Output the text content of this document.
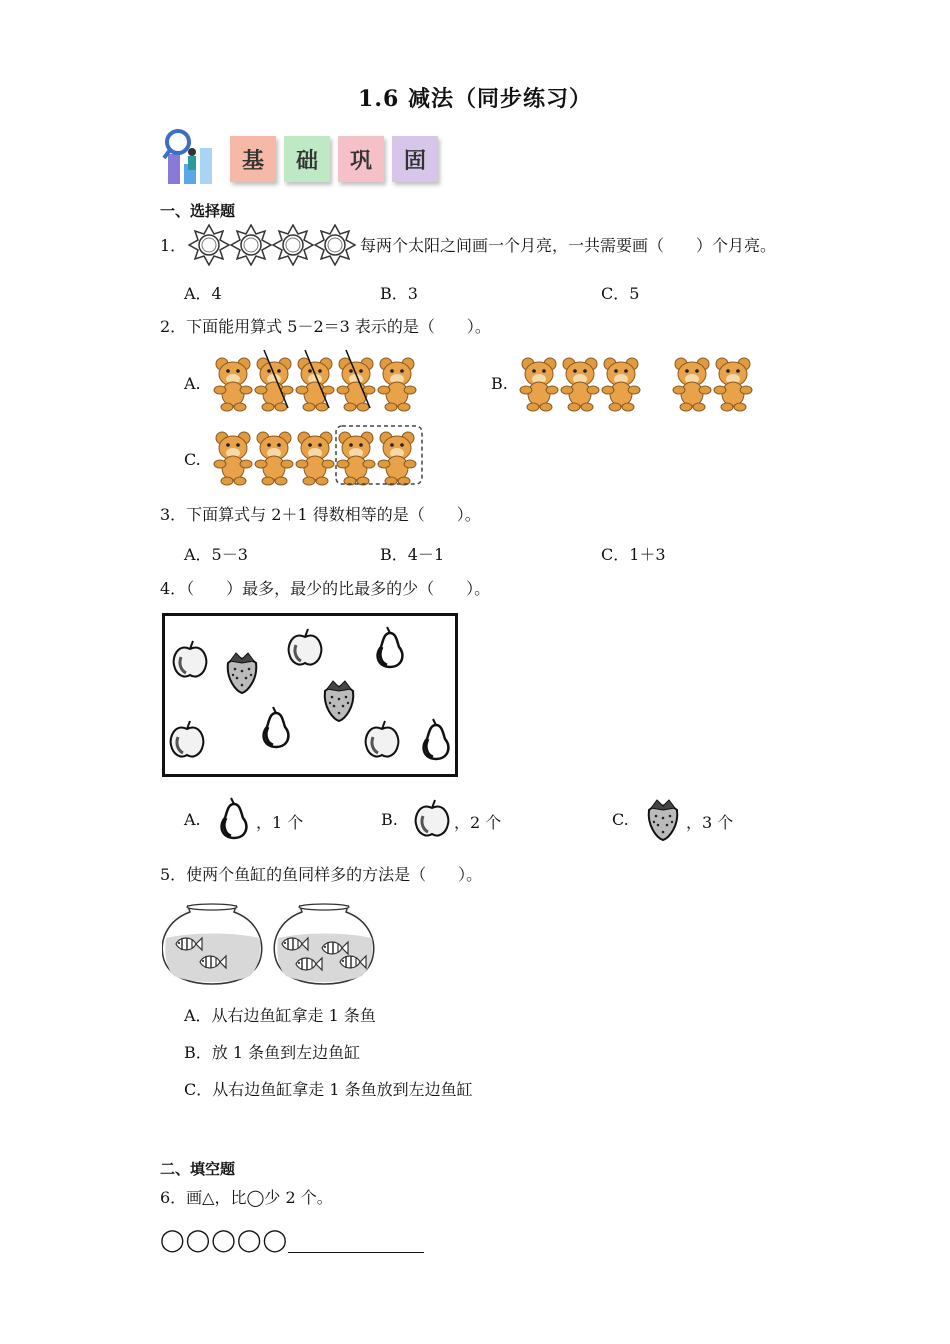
1.6 减法（同步练习）
基	础	巩	固
一、选择题
1．	每两个太阳之间画一个月亮，一共需要画（　　）个月亮。
A．4	B．3	C．5
2．下面能用算式 5－2＝3 表示的是（　　）。
A.	B.
C.
3．下面算式与 2＋1 得数相等的是（　　）。
A．5－3	B．4－1	C．1＋3
4．（　　）最多，最少的比最多的少（　　）。
A.	，1 个	B.	，2 个	C.	，3 个
5．使两个鱼缸的鱼同样多的方法是（　　）。
A．从右边鱼缸拿走 1 条鱼
B．放 1 条鱼到左边鱼缸
C．从右边鱼缸拿走 1 条鱼放到左边鱼缸
二、填空题
6．画△，比◯少 2 个。
◯◯◯◯◯
